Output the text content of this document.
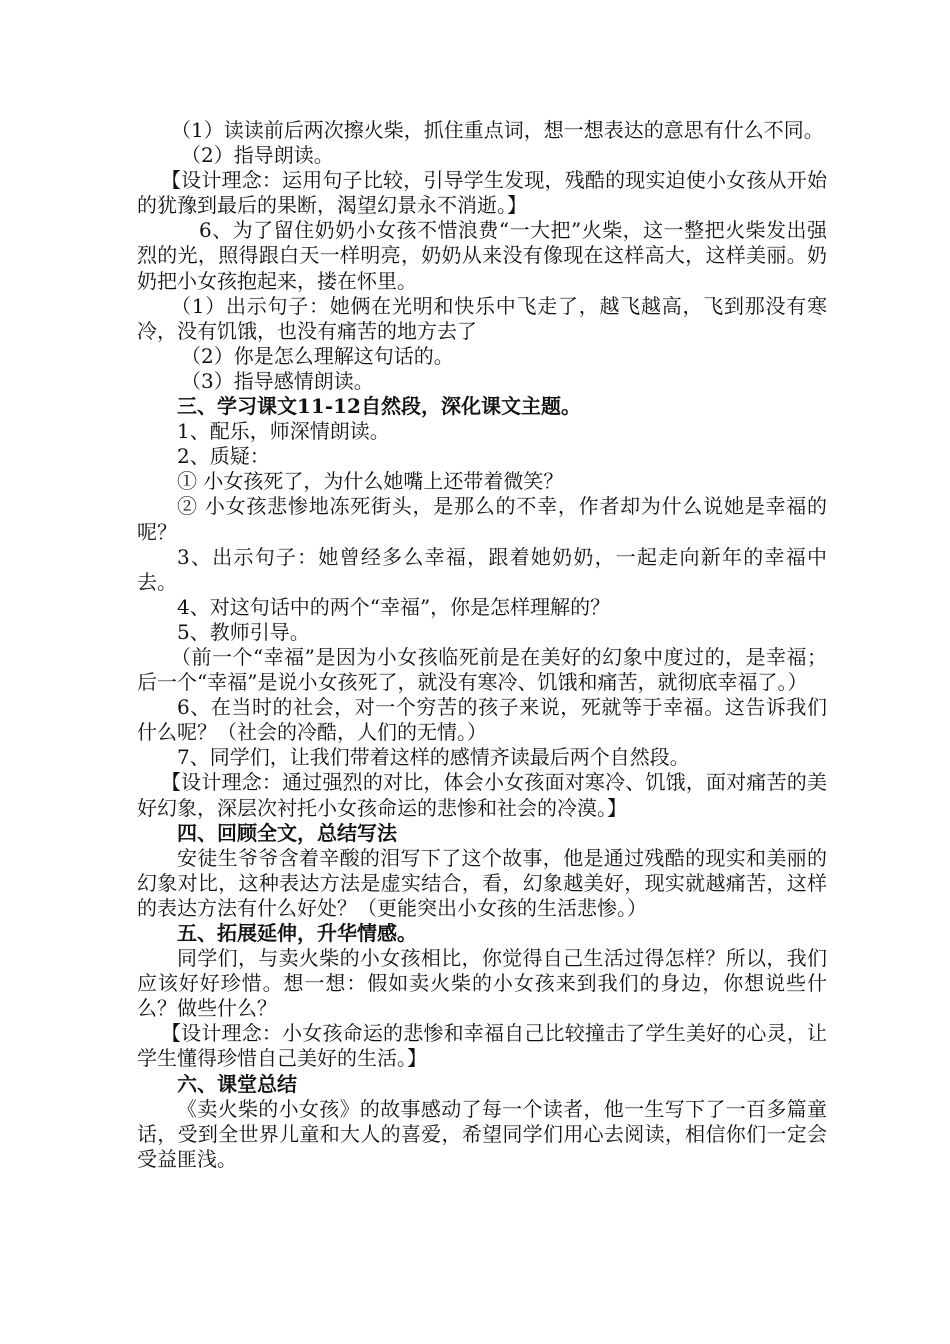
（1）读读前后两次擦火柴，抓住重点词，想一想表达的意思有什么不同。

（2）指导朗读。

【设计理念：运用句子比较，引导学生发现，残酷的现实迫使小女孩从开始的犹豫到最后的果断，渴望幻景永不消逝。】

6、为了留住奶奶小女孩不惜浪费“一大把”火柴，这一整把火柴发出强烈的光，照得跟白天一样明亮，奶奶从来没有像现在这样高大，这样美丽。奶奶把小女孩抱起来，搂在怀里。

（1）出示句子：她俩在光明和快乐中飞走了，越飞越高，飞到那没有寒冷，没有饥饿，也没有痛苦的地方去了

（2）你是怎么理解这句话的。

（3）指导感情朗读。

三、学习课文11-12自然段，深化课文主题。

1、配乐，师深情朗读。

2、质疑：

① 小女孩死了，为什么她嘴上还带着微笑？

② 小女孩悲惨地冻死街头，是那么的不幸，作者却为什么说她是幸福的呢？

3、出示句子：她曾经多么幸福，跟着她奶奶，一起走向新年的幸福中去。

4、对这句话中的两个“幸福”，你是怎样理解的？

5、教师引导。

（前一个“幸福”是因为小女孩临死前是在美好的幻象中度过的，是幸福；后一个“幸福”是说小女孩死了，就没有寒冷、饥饿和痛苦，就彻底幸福了。）

6、在当时的社会，对一个穷苦的孩子来说，死就等于幸福。这告诉我们什么呢？（社会的冷酷，人们的无情。）

7、同学们，让我们带着这样的感情齐读最后两个自然段。

【设计理念：通过强烈的对比，体会小女孩面对寒冷、饥饿，面对痛苦的美好幻象，深层次衬托小女孩命运的悲惨和社会的冷漠。】

四、回顾全文，总结写法

安徒生爷爷含着辛酸的泪写下了这个故事，他是通过残酷的现实和美丽的幻象对比，这种表达方法是虚实结合，看，幻象越美好，现实就越痛苦，这样的表达方法有什么好处？（更能突出小女孩的生活悲惨。）

五、拓展延伸，升华情感。

同学们，与卖火柴的小女孩相比，你觉得自己生活过得怎样？所以，我们应该好好珍惜。想一想：假如卖火柴的小女孩来到我们的身边，你想说些什么？做些什么？

【设计理念：小女孩命运的悲惨和幸福自己比较撞击了学生美好的心灵，让学生懂得珍惜自己美好的生活。】

六、课堂总结

《卖火柴的小女孩》的故事感动了每一个读者，他一生写下了一百多篇童话，受到全世界儿童和大人的喜爱，希望同学们用心去阅读，相信你们一定会受益匪浅。
